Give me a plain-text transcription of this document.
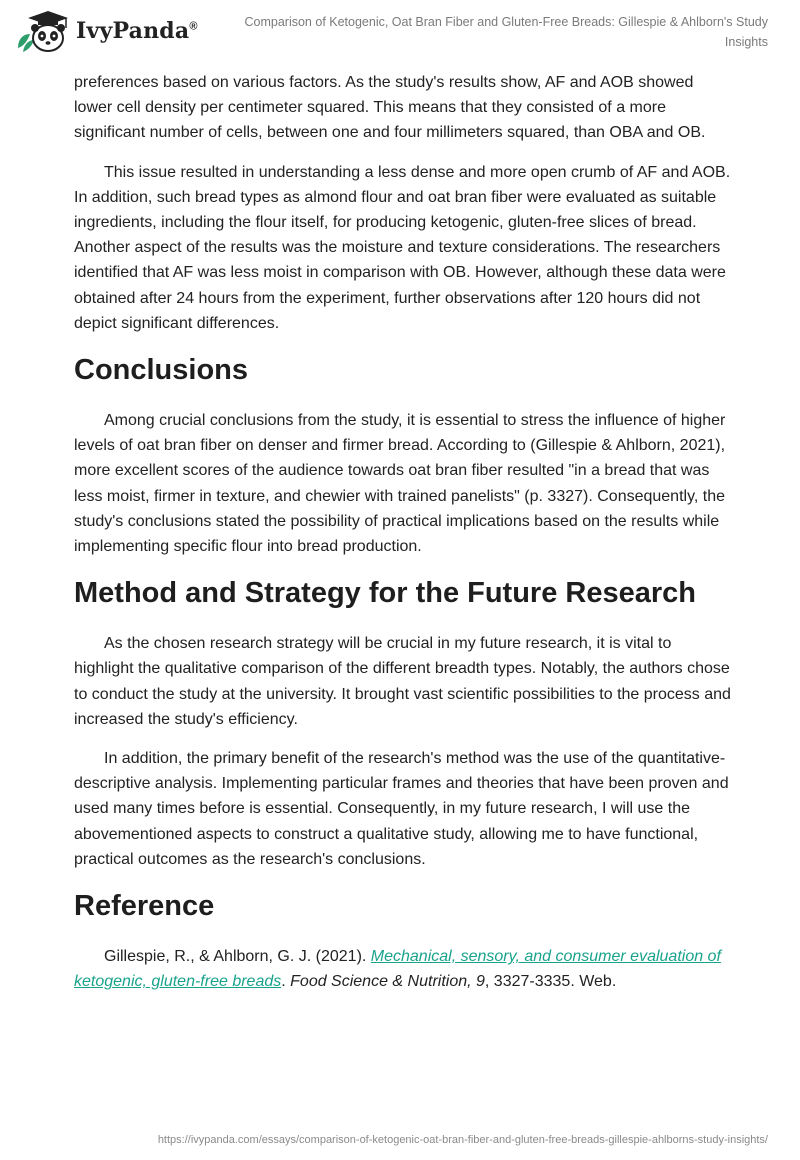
IvyPanda®	Comparison of Ketogenic, Oat Bran Fiber and Gluten-Free Breads: Gillespie & Ahlborn's Study Insights

preferences based on various factors. As the study's results show, AF and AOB showed lower cell density per centimeter squared. This means that they consisted of a more significant number of cells, between one and four millimeters squared, than OBA and OB.

This issue resulted in understanding a less dense and more open crumb of AF and AOB. In addition, such bread types as almond flour and oat bran fiber were evaluated as suitable ingredients, including the flour itself, for producing ketogenic, gluten-free slices of bread. Another aspect of the results was the moisture and texture considerations. The researchers identified that AF was less moist in comparison with OB. However, although these data were obtained after 24 hours from the experiment, further observations after 120 hours did not depict significant differences.

Conclusions

Among crucial conclusions from the study, it is essential to stress the influence of higher levels of oat bran fiber on denser and firmer bread. According to (Gillespie & Ahlborn, 2021), more excellent scores of the audience towards oat bran fiber resulted "in a bread that was less moist, firmer in texture, and chewier with trained panelists" (p. 3327). Consequently, the study's conclusions stated the possibility of practical implications based on the results while implementing specific flour into bread production.

Method and Strategy for the Future Research

As the chosen research strategy will be crucial in my future research, it is vital to highlight the qualitative comparison of the different breadth types. Notably, the authors chose to conduct the study at the university. It brought vast scientific possibilities to the process and increased the study's efficiency.

In addition, the primary benefit of the research's method was the use of the quantitative-descriptive analysis. Implementing particular frames and theories that have been proven and used many times before is essential. Consequently, in my future research, I will use the abovementioned aspects to construct a qualitative study, allowing me to have functional, practical outcomes as the research's conclusions.

Reference

Gillespie, R., & Ahlborn, G. J. (2021). Mechanical, sensory, and consumer evaluation of ketogenic, gluten-free breads. Food Science & Nutrition, 9, 3327-3335. Web.

https://ivypanda.com/essays/comparison-of-ketogenic-oat-bran-fiber-and-gluten-free-breads-gillespie-ahlborns-study-insights/
